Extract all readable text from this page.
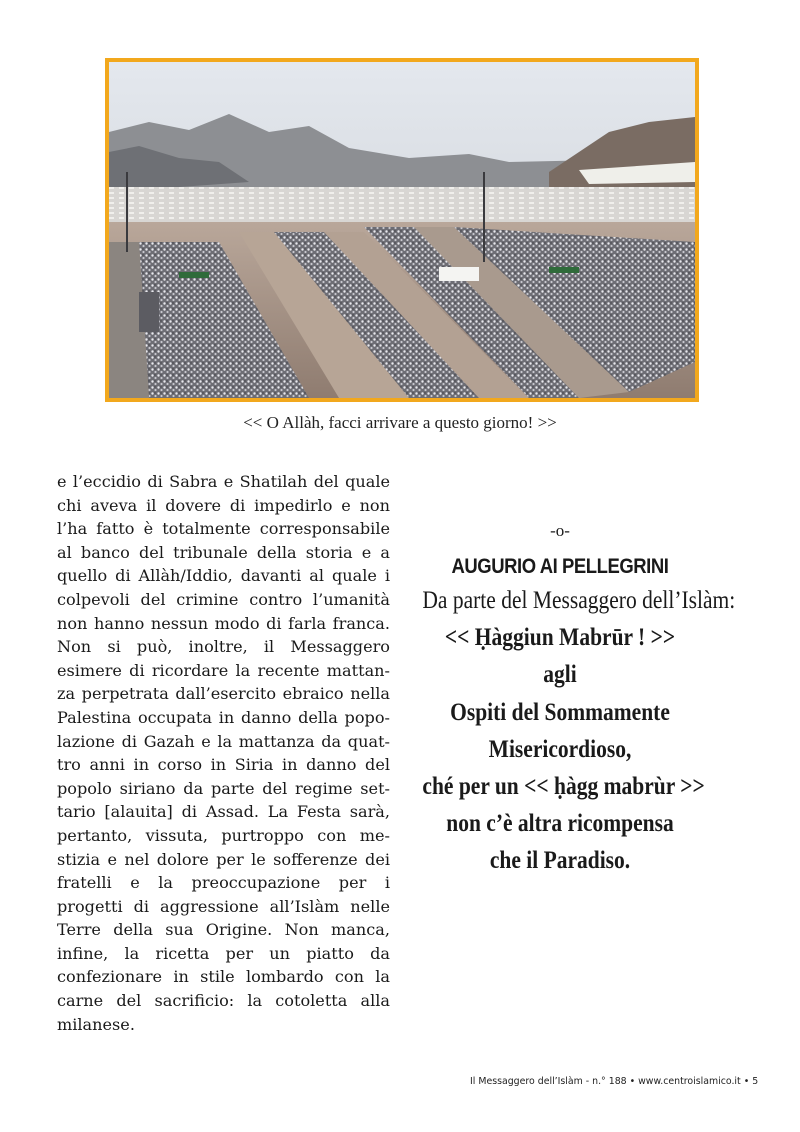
<< O Allàh, facci arrivare a questo giorno! >>

e l’eccidio di Sabra e Shatilah del quale chi aveva il dovere di impedirlo e non l’ha fatto è totalmente corresponsabile al banco del tribunale della storia e a quello di Allàh/Iddio, davanti al quale i colpevoli del crimine contro l’umanità non hanno nessun modo di farla franca. Non si può, inoltre, il Messaggero esimere di ricordare la recente mattanza perpetrata dall’esercito ebraico nella Palestina occupata in danno della popolazione di Gazah e la mattanza da quattro anni in corso in Siria in danno del popolo siriano da parte del regime settario [alauita] di Assad. La Festa sarà, pertanto, vissuta, purtroppo con mestizia e nel dolore per le sofferenze dei fratelli e la preoccupazione per i progetti di aggressione all’Islàm nelle Terre della sua Origine. Non manca, infine, la ricetta per un piatto da confezionare in stile lombardo con la carne del sacrificio: la cotoletta alla milanese.

-o-

AUGURIO AI PELLEGRINI

Da parte del Messaggero dell’Islàm:

<< Ḥàggiun Mabrūr ! >>

agli

Ospiti del Sommamente

Misericordioso,

ché per un << ḥàgg mabrùr >>

non c’è altra ricompensa

che il Paradiso.

Il Messaggero dell’Islàm - n.° 188 • www.centroislamico.it • 5
